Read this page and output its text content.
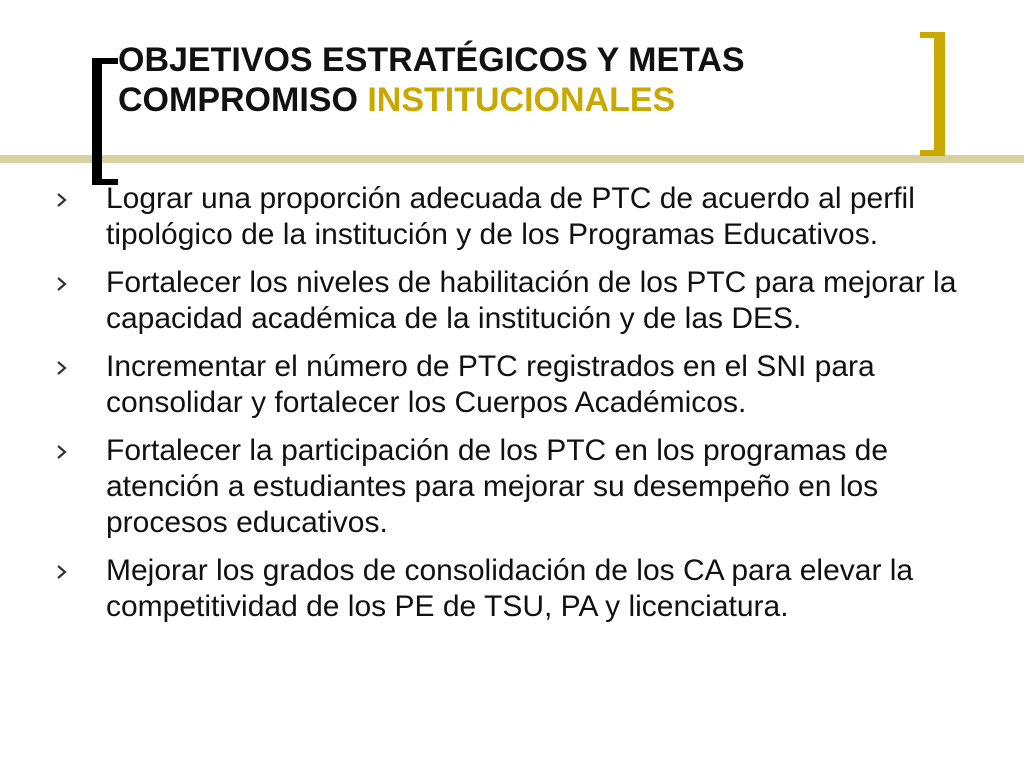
OBJETIVOS ESTRATÉGICOS Y METAS
COMPROMISO INSTITUCIONALES
Lograr una proporción adecuada de PTC de acuerdo al perfil tipológico de la institución y de los Programas Educativos.
Fortalecer los niveles de habilitación de los PTC para mejorar la capacidad académica de la institución y de las DES.
Incrementar el número de PTC registrados en el SNI para consolidar y fortalecer los Cuerpos Académicos.
Fortalecer la participación de los PTC en los programas de atención a estudiantes para mejorar su desempeño en los procesos educativos.
Mejorar los grados de consolidación de los CA para elevar la competitividad de los PE de TSU, PA y licenciatura.
